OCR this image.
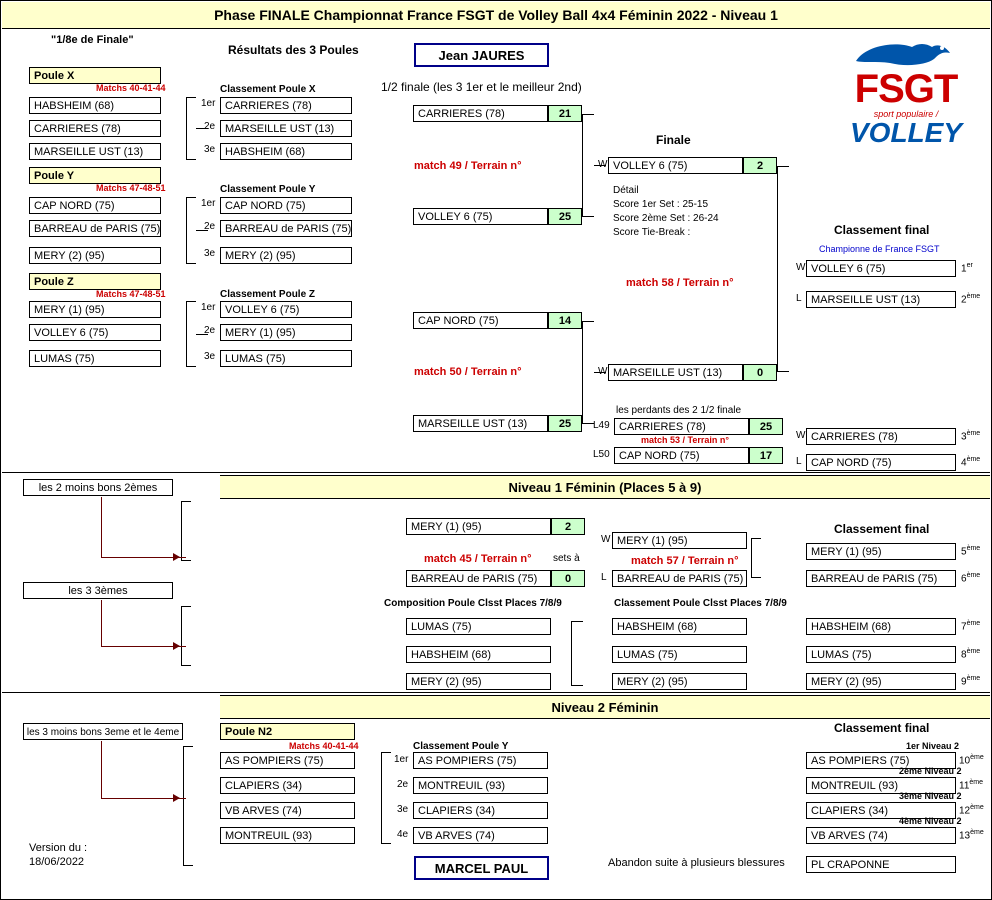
Phase FINALE Championnat France FSGT de Volley Ball 4x4 Féminin 2022 - Niveau 1
FSGT
sport populaire /
VOLLEY
"1/8e de Finale"
Résultats des 3 Poules	Jean JAURES
1/2 finale (les 3 1er et le meilleur 2nd)
Poule X
Matchs 40-41-44
HABSHEIM (68)
CARRIERES (78)
MARSEILLE UST (13)
Classement Poule X
1er CARRIERES (78)
2e MARSEILLE UST (13)
3e HABSHEIM (68)
Poule Y
Matchs 47-48-51
CAP NORD (75)
BARREAU de PARIS (75)
MERY (2) (95)
Classement Poule Y
1er CAP NORD (75)
2e BARREAU de PARIS (75)
3e MERY (2) (95)
Poule Z
Matchs 47-48-51
MERY (1) (95)
VOLLEY 6 (75)
LUMAS (75)
Classement Poule Z
1er VOLLEY 6 (75)
2e MERY (1) (95)
3e LUMAS (75)
CARRIERES (78)	21
match 49 / Terrain n°
VOLLEY 6 (75)	25
W VOLLEY 6 (75)	2
Finale
Détail
Score 1er Set : 25-15
Score 2ème Set : 26-24
Score Tie-Break :
match 58 / Terrain n°
CAP NORD (75)	14
match 50 / Terrain n°
MARSEILLE UST (13)	25
W MARSEILLE UST (13)	0
Classement final
Championne de France FSGT
W VOLLEY 6 (75)	1er
L MARSEILLE UST (13)	2ème
W CARRIERES (78)	3ème
L CAP NORD (75)	4ème
les perdants des 2 1/2 finale
L49 CARRIERES (78)	25
match 53 / Terrain n°
L50 CAP NORD (75)	17
Niveau 1 Féminin (Places 5 à 9)
les 2 moins bons 2èmes
les 3 3èmes
MERY (1) (95)	2
match 45 / Terrain n° sets à
BARREAU de PARIS (75)	0
W MERY (1) (95)
match 57 / Terrain n°
L BARREAU de PARIS (75)
Classement final
MERY (1) (95)	5ème
BARREAU de PARIS (75)	6ème
Composition Poule Clsst Places 7/8/9
LUMAS (75)
HABSHEIM (68)
MERY (2) (95)
Classement Poule Clsst Places 7/8/9
HABSHEIM (68)
LUMAS (75)
MERY (2) (95)
HABSHEIM (68)	7ème
LUMAS (75)	8ème
MERY (2) (95)	9ème
Niveau 2 Féminin
les 3 moins bons 3eme et le 4eme
Version du :
18/06/2022
Poule N2
Matchs 40-41-44
AS POMPIERS (75)
CLAPIERS (34)
VB ARVES (74)
MONTREUIL (93)
Classement Poule Y
1er AS POMPIERS (75)
2e MONTREUIL (93)
3e CLAPIERS (34)
4e VB ARVES (74)
MARCEL PAUL	Abandon suite à plusieurs blessures
Classement final
1er Niveau 2
AS POMPIERS (75)	10ème
2ème Niveau 2
MONTREUIL (93)	11ème
3ème Niveau 2
CLAPIERS (34)	12ème
4ème Niveau 2
VB ARVES (74)	13ème
PL CRAPONNE
